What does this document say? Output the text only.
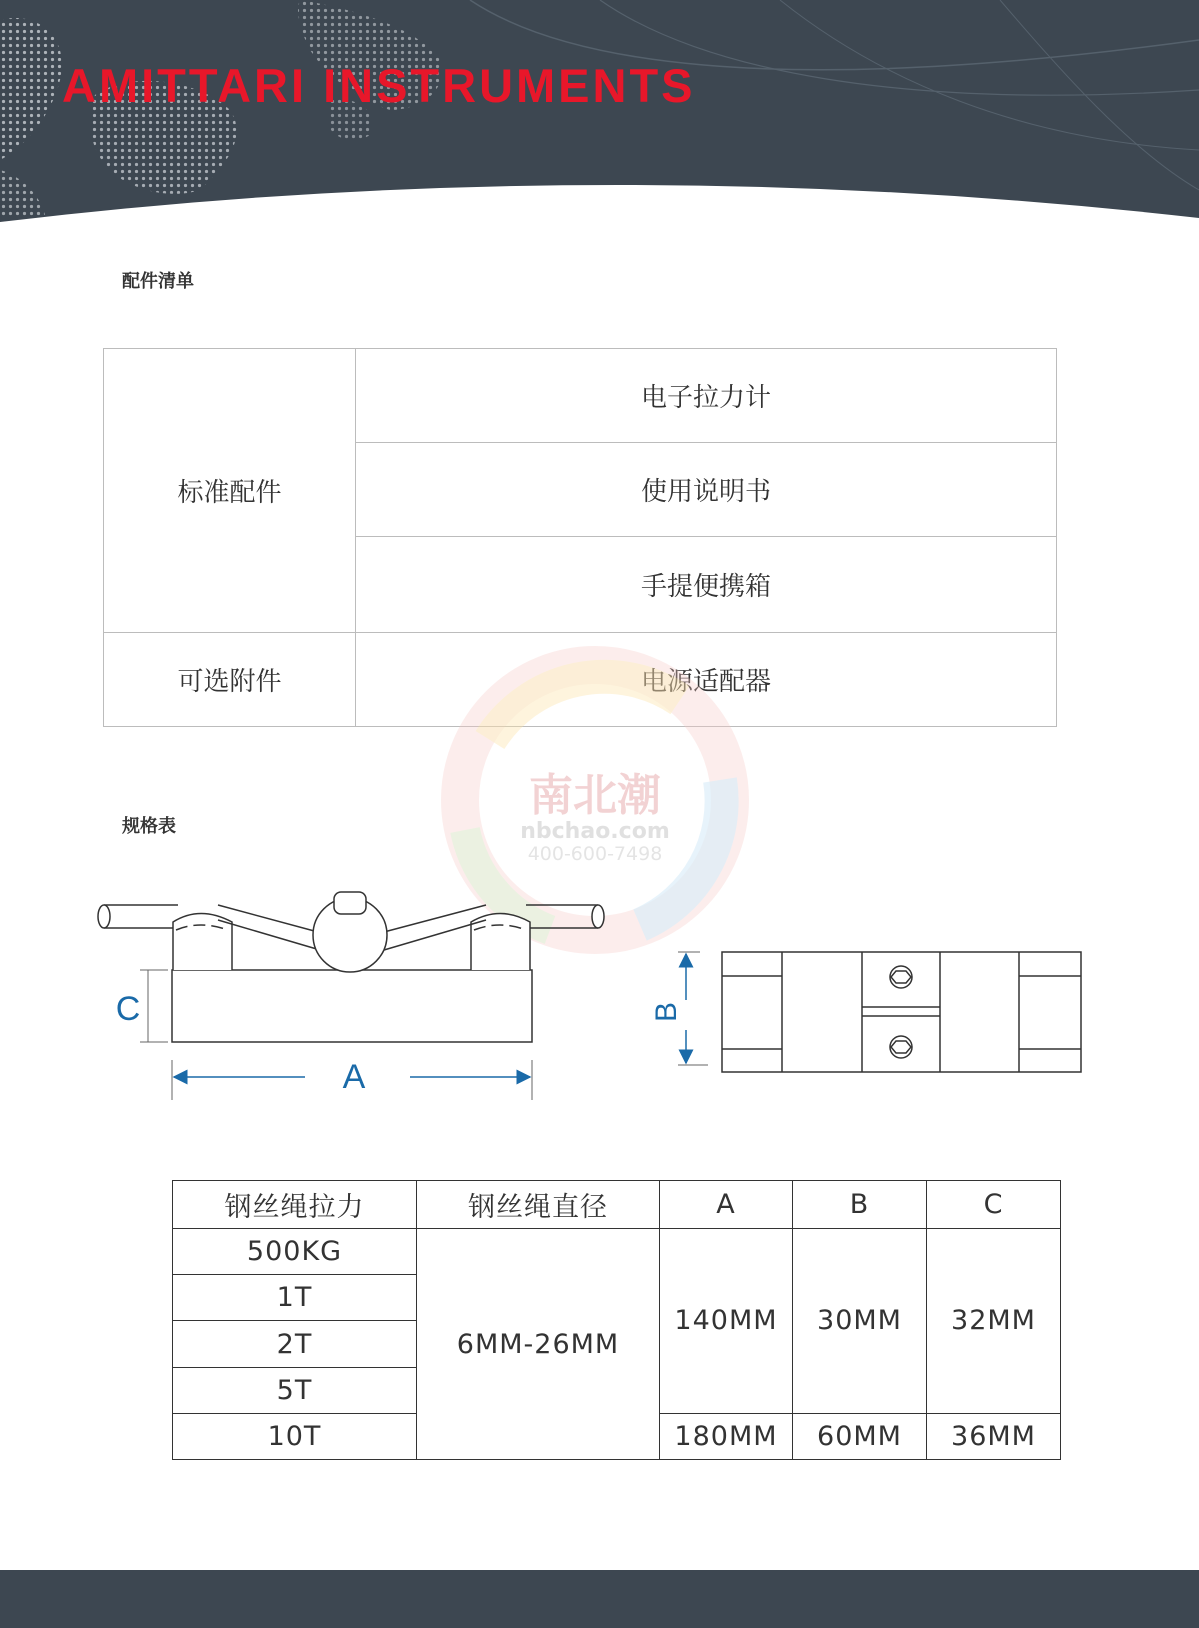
AMITTARI INSTRUMENTS
配件清单
标准配件	电子拉力计
	使用说明书
	手提便携箱
可选附件	电源适配器
南北潮
nbchao.com
400-600-7498
规格表
A
C	B
钢丝绳拉力	钢丝绳直径	A	B	C
500KG	6MM-26MM	140MM	30MM	32MM
1T				
2T				
5T				
10T		180MM	60MM	36MM
